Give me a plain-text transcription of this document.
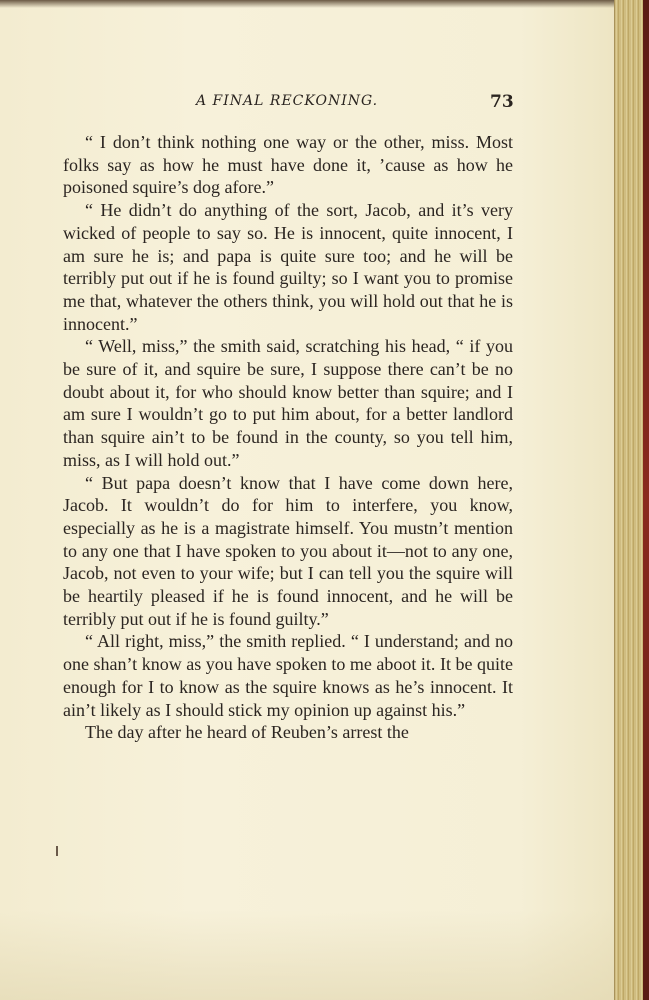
A FINAL RECKONING.	73

“ I don’t think nothing one way or the other, miss. Most folks say as how he must have done it, ’cause as how he poisoned squire’s dog afore.”

“ He didn’t do anything of the sort, Jacob, and it’s very wicked of people to say so. He is innocent, quite innocent, I am sure he is; and papa is quite sure too; and he will be terribly put out if he is found guilty; so I want you to promise me that, whatever the others think, you will hold out that he is innocent.”

“ Well, miss,” the smith said, scratching his head, “ if you be sure of it, and squire be sure, I suppose there can’t be no doubt about it, for who should know better than squire; and I am sure I wouldn’t go to put him about, for a better landlord than squire ain’t to be found in the county, so you tell him, miss, as I will hold out.”

“ But papa doesn’t know that I have come down here, Jacob. It wouldn’t do for him to interfere, you know, especially as he is a magistrate himself. You mustn’t mention to any one that I have spoken to you about it—not to any one, Jacob, not even to your wife; but I can tell you the squire will be heartily pleased if he is found innocent, and he will be terribly put out if he is found guilty.”

“ All right, miss,” the smith replied. “ I understand; and no one shan’t know as you have spoken to me aboot it. It be quite enough for I to know as the squire knows as he’s innocent. It ain’t likely as I should stick my opinion up against his.”

The day after he heard of Reuben’s arrest the
